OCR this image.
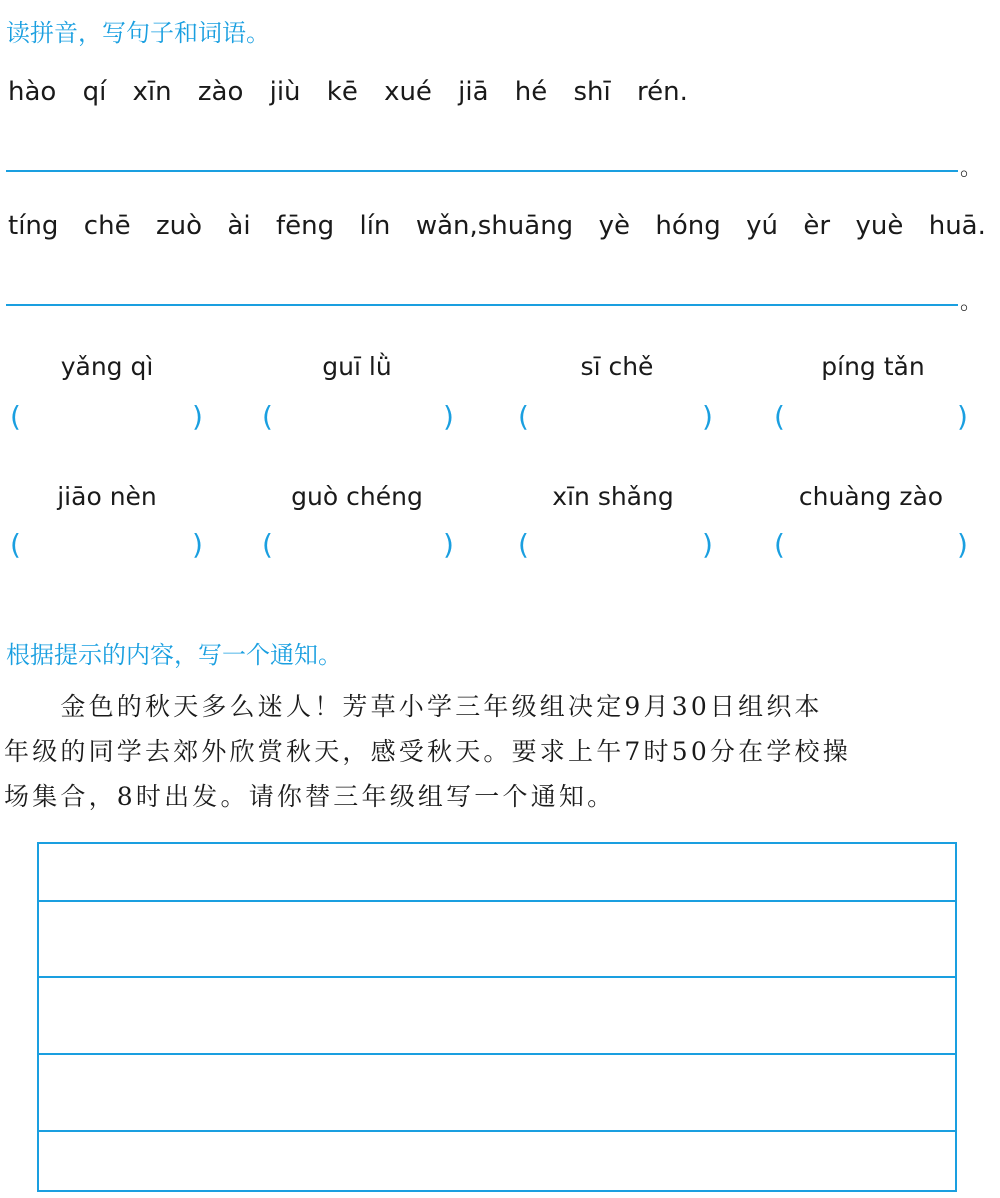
读拼音，写句子和词语。
hào qí xīn zào jiù kē xué jiā hé shī rén.
。
tíng chē zuò ài fēng lín wǎn,shuāng yè hóng yú èr yuè huā.
。
yǎng qì	guī lǜ	sī chě	píng tǎn
(	) (	) (	) (	)
jiāo nèn	guò chéng	xīn shǎng	chuàng zào
(	) (	) (	) (	)
根据提示的内容，写一个通知。
　　金色的秋天多么迷人！芳草小学三年级组决定9月30日组织本
年级的同学去郊外欣赏秋天，感受秋天。要求上午7时50分在学校操
场集合，8时出发。请你替三年级组写一个通知。
